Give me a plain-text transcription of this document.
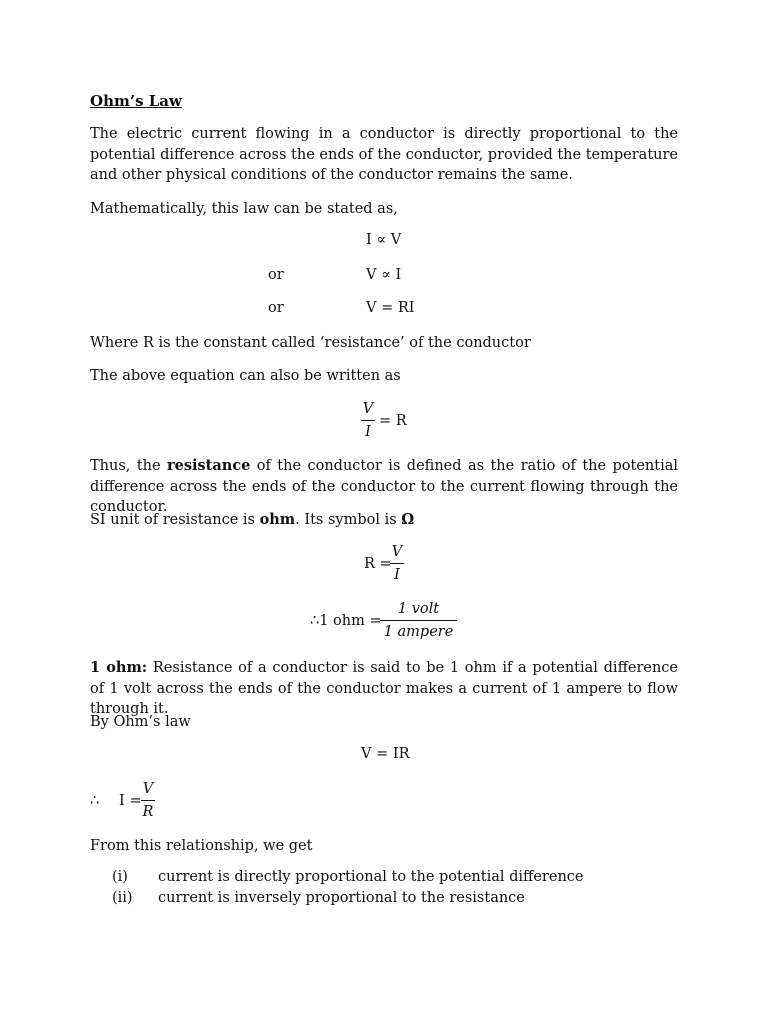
Ohm’s Law
The electric current flowing in a conductor is directly proportional to the potential difference across the ends of the conductor, provided the temperature and other physical conditions of the conductor remains the same.
Mathematically, this law can be stated as,
I ∝ V
or	V ∝ I
or	V = RI
Where R is the constant called ‘resistance’ of the conductor
The above equation can also be written as
V
I
= R
Thus, the resistance of the conductor is defined as the ratio of the potential difference across the ends of the conductor to the current flowing through the conductor.
SI unit of resistance is ohm. Its symbol is Ω
R =
V
I
∴1 ohm =
1 volt
1 ampere
1 ohm: Resistance of a conductor is said to be 1 ohm if a potential difference of 1 volt across the ends of the conductor makes a current of 1 ampere to flow through it.
By Ohm’s law
V = IR
∴ I =
V
R
From this relationship, we get
(i) current is directly proportional to the potential difference
(ii) current is inversely proportional to the resistance
